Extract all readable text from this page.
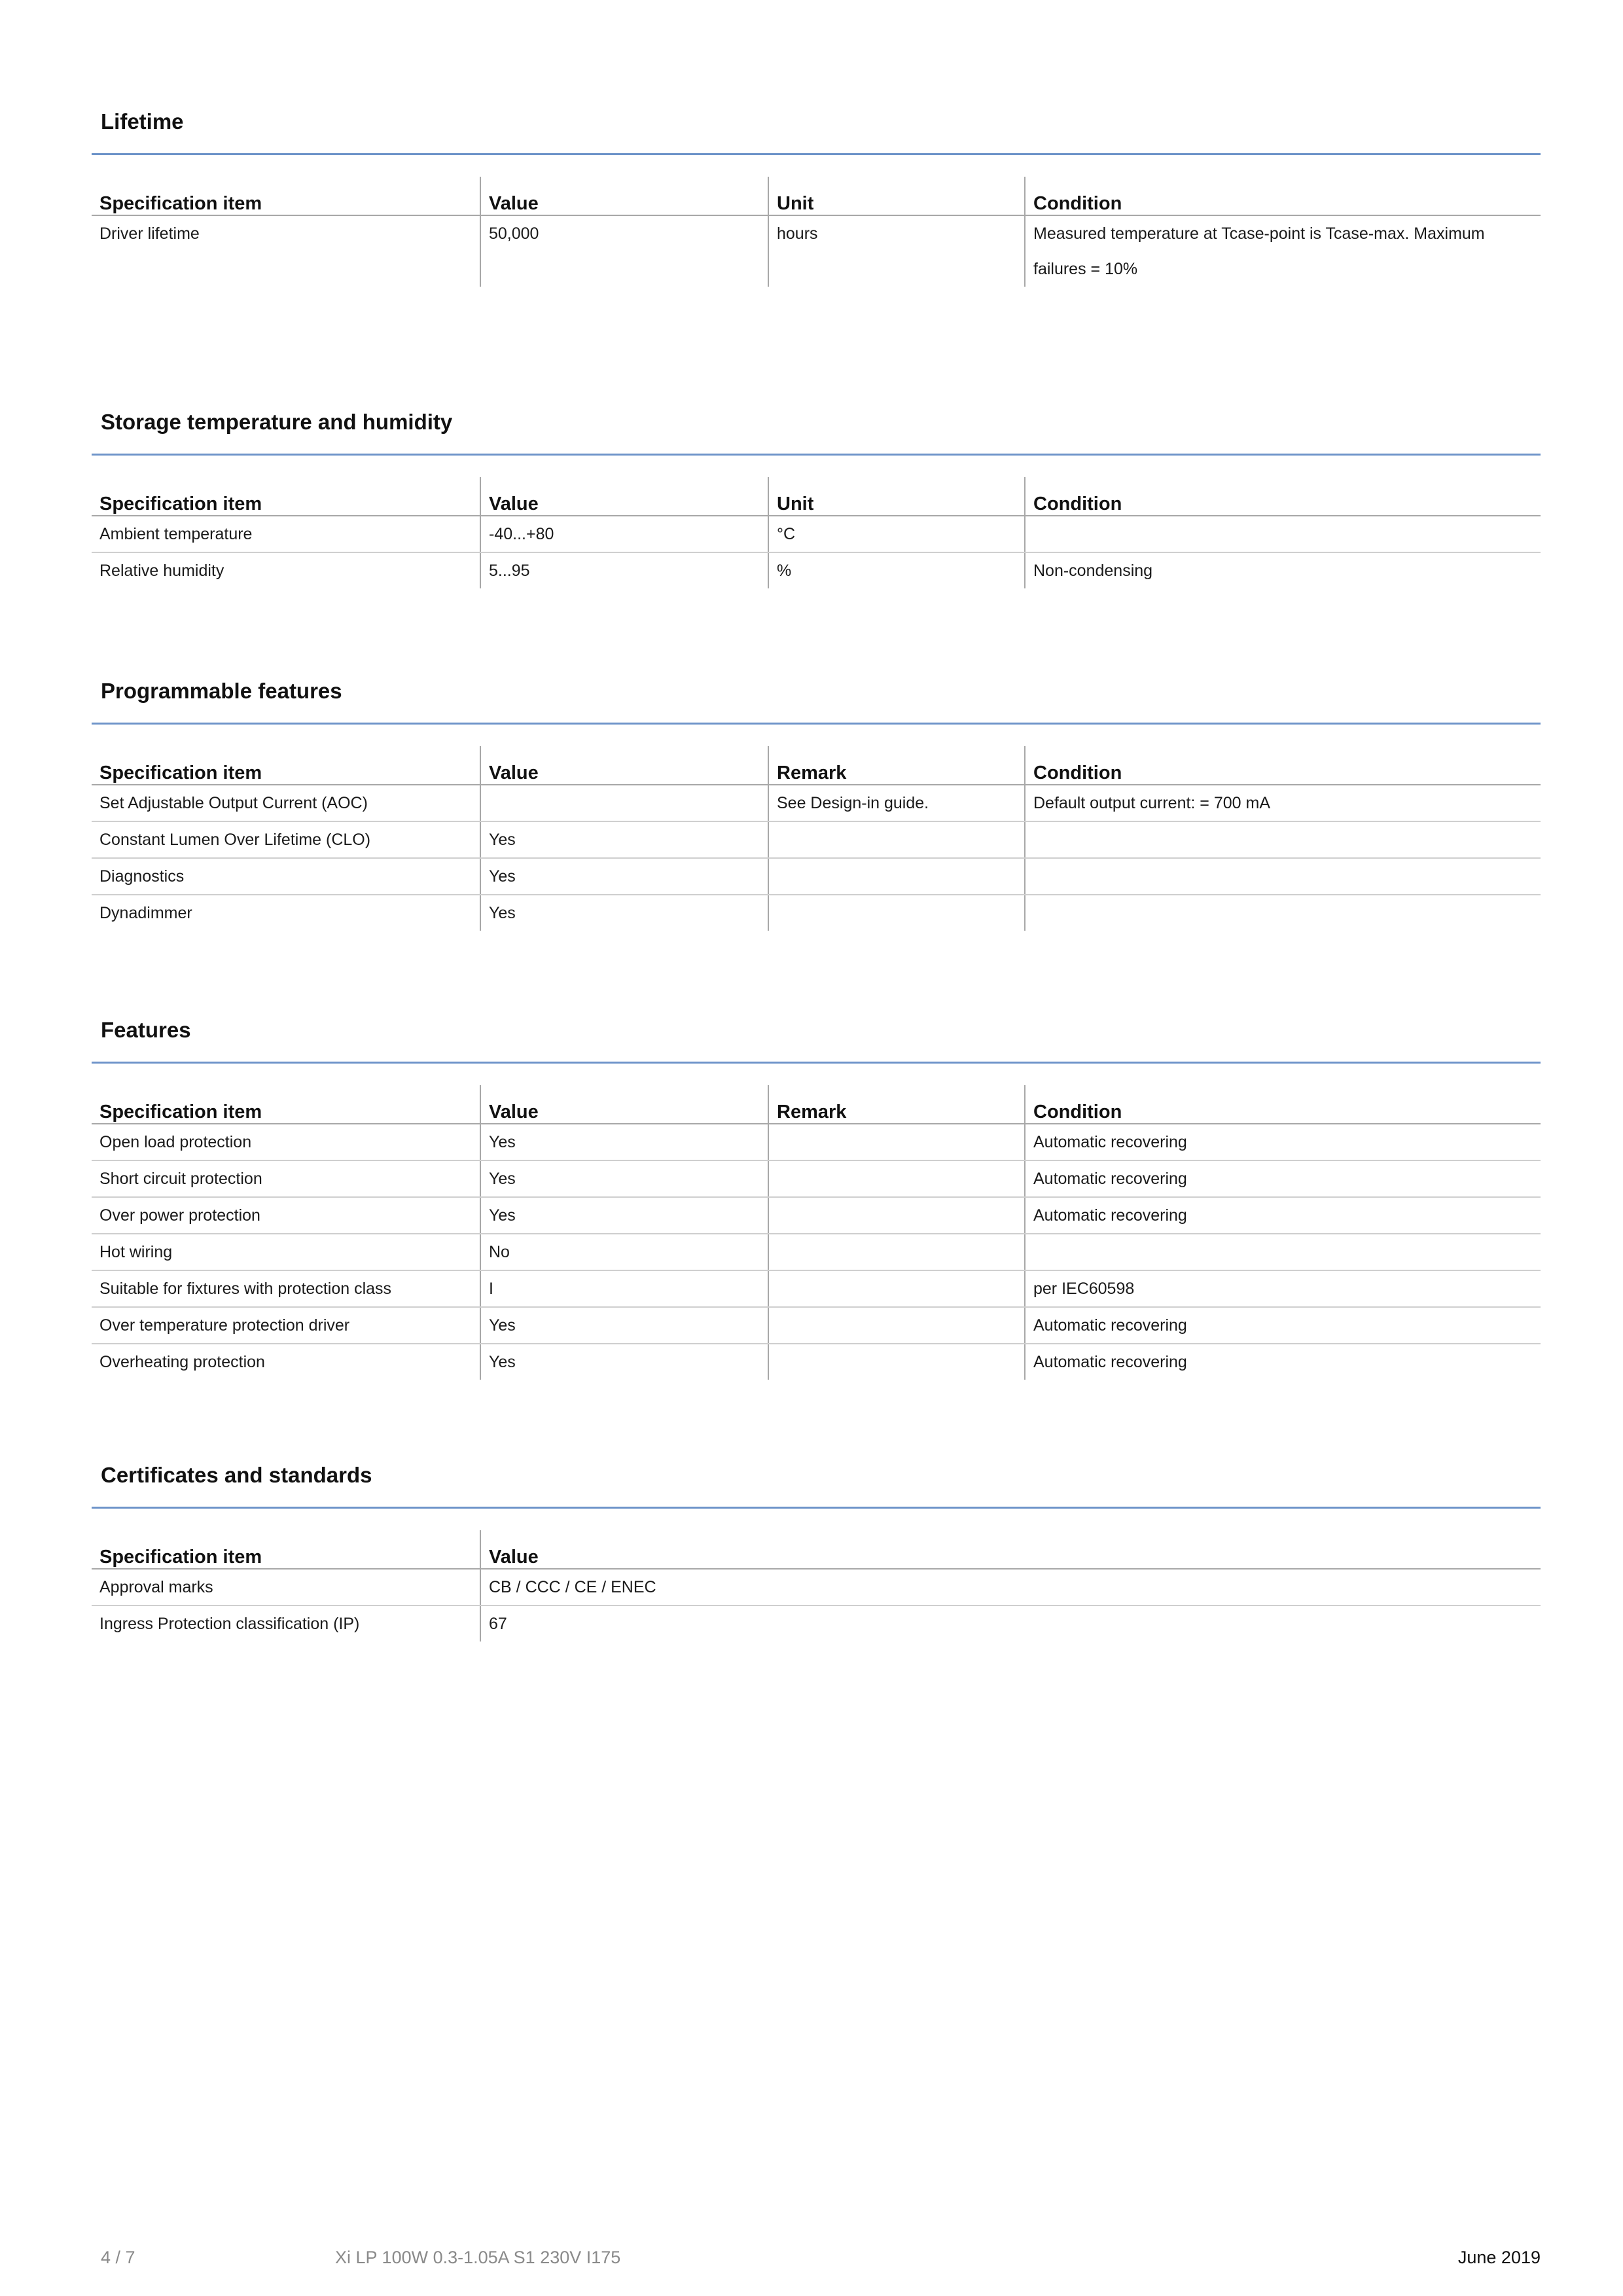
Lifetime
Specification item	Value	Unit	Condition
Driver lifetime	50,000	hours	Measured temperature at Tcase-point is Tcase-max. Maximum failures = 10%
Storage temperature and humidity
Specification item	Value	Unit	Condition
Ambient temperature	-40...+80	°C	
Relative humidity	5...95	%	Non-condensing
Programmable features
Specification item	Value	Remark	Condition
Set Adjustable Output Current (AOC)		See Design-in guide.	Default output current: = 700 mA
Constant Lumen Over Lifetime (CLO)	Yes		
Diagnostics	Yes		
Dynadimmer	Yes		
Features
Specification item	Value	Remark	Condition
Open load protection	Yes		Automatic recovering
Short circuit protection	Yes		Automatic recovering
Over power protection	Yes		Automatic recovering
Hot wiring	No		
Suitable for fixtures with protection class	I		per IEC60598
Over temperature protection driver	Yes		Automatic recovering
Overheating protection	Yes		Automatic recovering
Certificates and standards
Specification item	Value
Approval marks	CB / CCC / CE / ENEC
Ingress Protection classification (IP)	67
4 / 7	Xi LP 100W 0.3-1.05A S1 230V I175	June 2019
